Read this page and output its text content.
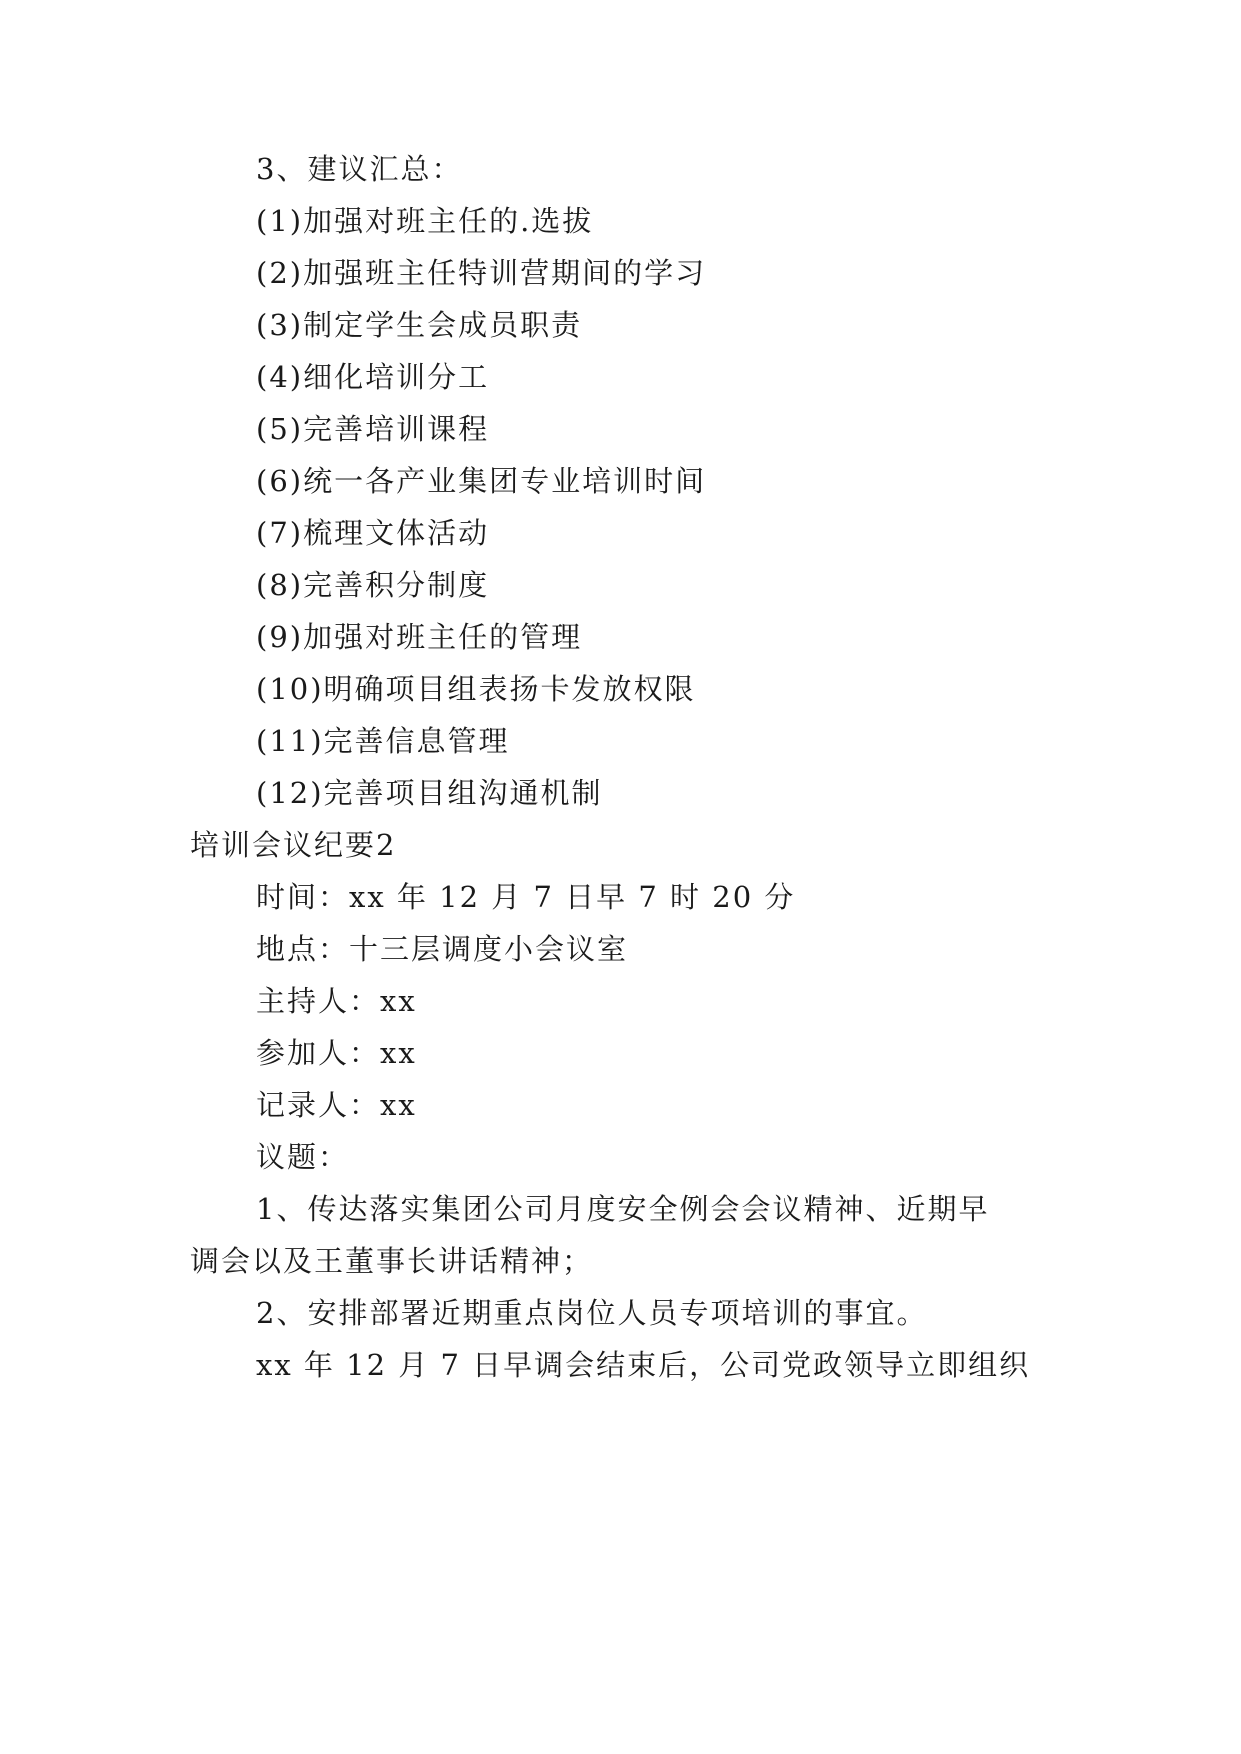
3、建议汇总：
(1)加强对班主任的.选拔
(2)加强班主任特训营期间的学习
(3)制定学生会成员职责
(4)细化培训分工
(5)完善培训课程
(6)统一各产业集团专业培训时间
(7)梳理文体活动
(8)完善积分制度
(9)加强对班主任的管理
(10)明确项目组表扬卡发放权限
(11)完善信息管理
(12)完善项目组沟通机制
培训会议纪要2
时间：xx 年 12 月 7 日早 7 时 20 分
地点：十三层调度小会议室
主持人：xx
参加人：xx
记录人：xx
议题：
1、传达落实集团公司月度安全例会会议精神、近期早
调会以及王董事长讲话精神；
2、安排部署近期重点岗位人员专项培训的事宜。
xx 年 12 月 7 日早调会结束后，公司党政领导立即组织
